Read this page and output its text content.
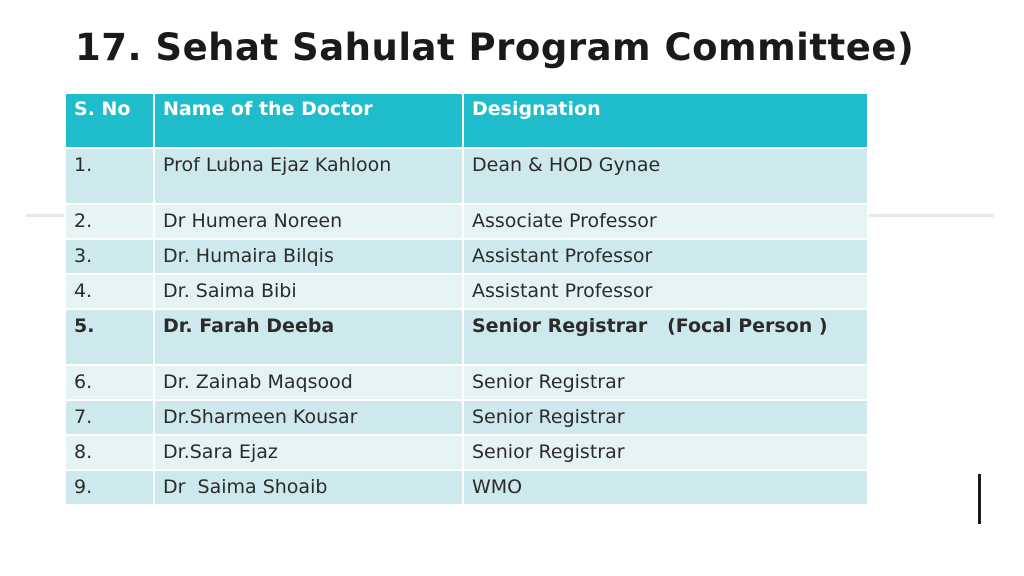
17. Sehat Sahulat Program Committee)
S. No	Name of the Doctor	Designation
1.	Prof Lubna Ejaz Kahloon	Dean & HOD Gynae
2.	Dr Humera Noreen	Associate Professor
3.	Dr. Humaira Bilqis	Assistant Professor
4.	Dr. Saima Bibi	Assistant Professor
5.	Dr. Farah Deeba	Senior Registrar   (Focal Person )
6.	Dr. Zainab Maqsood	Senior Registrar
7.	Dr.Sharmeen Kousar	Senior Registrar
8.	Dr.Sara Ejaz	Senior Registrar
9.	Dr  Saima Shoaib	WMO
